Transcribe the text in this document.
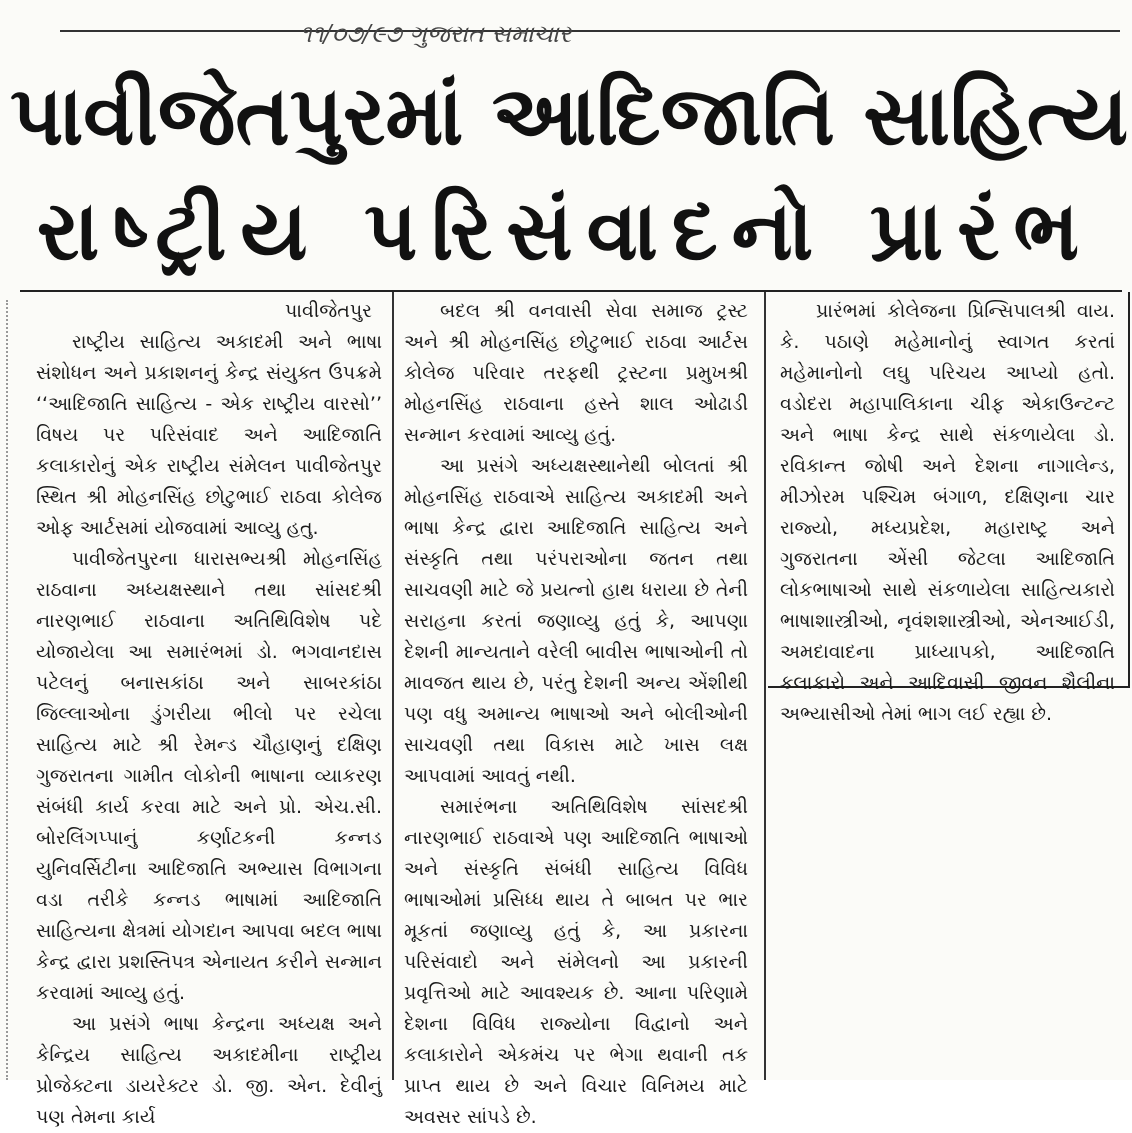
૧૧/૦૭/૯૭ ગુજરાત સમાચાર
પાવીજેતપુરમાં આદિજાતિ સાહિત્ય
રાષ્ટ્રીય પરિસંવાદનો પ્રારંભ

પાવીજેતપુર

રાષ્ટ્રીય સાહિત્ય અકાદમી અને ભાષા સંશોધન અને પ્રકાશનનું કેન્દ્ર સંયુક્ત ઉપક્રમે ‘‘આદિજાતિ સાહિત્ય - એક રાષ્ટ્રીય વારસો’’ વિષય પર પરિસંવાદ અને આદિજાતિ કલાકારોનું એક રાષ્ટ્રીય સંમેલન પાવીજેતપુર સ્થિત શ્રી મોહનસિંહ છોટુભાઈ રાઠવા કોલેજ ઓફ આર્ટસમાં યોજવામાં આવ્યુ હતુ.

પાવીજેતપુરના ધારાસભ્યશ્રી મોહનસિંહ રાઠવાના અધ્યક્ષસ્થાને તથા સાંસદશ્રી નારણભાઈ રાઠવાના અતિથિવિશેષ પદે યોજાયેલા આ સમારંભમાં ડો. ભગવાનદાસ પટેલનું બનાસકાંઠા અને સાબરકાંઠા જિલ્લાઓના ડુંગરીયા ભીલો પર રચેલા સાહિત્ય માટે શ્રી રેમન્ડ ચૌહાણનું દક્ષિણ ગુજરાતના ગામીત લોકોની ભાષાના વ્યાકરણ સંબંધી કાર્ય કરવા માટે અને પ્રો. એચ.સી. બોરલિંગપ્પાનું કર્ણાટકની કન્નડ યુનિવર્સિટીના આદિજાતિ અભ્યાસ વિભાગના વડા તરીકે કન્નડ ભાષામાં આદિજાતિ સાહિત્યના ક્ષેત્રમાં યોગદાન આપવા બદલ ભાષા કેન્દ્ર દ્વારા પ્રશસ્તિપત્ર એનાયત કરીને સન્માન કરવામાં આવ્યુ હતું.

આ પ્રસંગે ભાષા કેન્દ્રના અધ્યક્ષ અને કેન્દ્રિય સાહિત્ય અકાદમીના રાષ્ટ્રીય પ્રોજેક્ટના ડાયરેક્ટર ડો. જી. એન. દેવીનું પણ તેમના કાર્ય

બદલ શ્રી વનવાસી સેવા સમાજ ટ્રસ્ટ અને શ્રી મોહનસિંહ છોટુભાઈ રાઠવા આર્ટસ કોલેજ પરિવાર તરફથી ટ્રસ્ટના પ્રમુખશ્રી મોહનસિંહ રાઠવાના હસ્તે શાલ ઓઢાડી સન્માન કરવામાં આવ્યુ હતું.

આ પ્રસંગે અધ્યક્ષસ્થાનેથી બોલતાં શ્રી મોહનસિંહ રાઠવાએ સાહિત્ય અકાદમી અને ભાષા કેન્દ્ર દ્વારા આદિજાતિ સાહિત્ય અને સંસ્કૃતિ તથા પરંપરાઓના જતન તથા સાચવણી માટે જે પ્રયત્નો હાથ ધરાયા છે તેની સરાહના કરતાં જણાવ્યુ હતું કે, આપણા દેશની માન્યતાને વરેલી બાવીસ ભાષાઓની તો માવજત થાય છે, પરંતુ દેશની અન્ય એંશીથી પણ વધુ અમાન્ય ભાષાઓ અને બોલીઓની સાચવણી તથા વિકાસ માટે ખાસ લક્ષ આપવામાં આવતું નથી.

સમારંભના અતિથિવિશેષ સાંસદશ્રી નારણભાઈ રાઠવાએ પણ આદિજાતિ ભાષાઓ અને સંસ્કૃતિ સંબંધી સાહિત્ય વિવિધ ભાષાઓમાં પ્રસિધ્ધ થાય તે બાબત પર ભાર મૂકતાં જણાવ્યુ હતું કે, આ પ્રકારના પરિસંવાદો અને સંમેલનો આ પ્રકારની પ્રવૃત્તિઓ માટે આવશ્યક છે. આના પરિણામે દેશના વિવિધ રાજ્યોના વિદ્વાનો અને કલાકારોને એકમંચ પર ભેગા થવાની તક પ્રાપ્ત થાય છે અને વિચાર વિનિમય માટે અવસર સાંપડે છે.

પ્રારંભમાં કોલેજના પ્રિન્સિપાલશ્રી વાય. કે. પઠાણે મહેમાનોનું સ્વાગત કરતાં મહેમાનોનો લઘુ પરિચય આપ્યો હતો. વડોદરા મહાપાલિકાના ચીફ એકાઉન્ટન્ટ અને ભાષા કેન્દ્ર સાથે સંકળાયેલા ડો. રવિકાન્ત જોષી અને દેશના નાગાલેન્ડ, મીઝોરમ પશ્ચિમ બંગાળ, દક્ષિણના ચાર રાજ્યો, મધ્યપ્રદેશ, મહારાષ્ટ્ર અને ગુજરાતના એંસી જેટલા આદિજાતિ લોકભાષાઓ સાથે સંકળાયેલા સાહિત્યકારો ભાષાશાસ્ત્રીઓ, નૃવંશશાસ્ત્રીઓ, એનઆઈડી, અમદાવાદના પ્રાધ્યાપકો, આદિજાતિ કલાકારો અને આદિવાસી જીવન શૈલીના અભ્યાસીઓ તેમાં ભાગ લઈ રહ્યા છે.
